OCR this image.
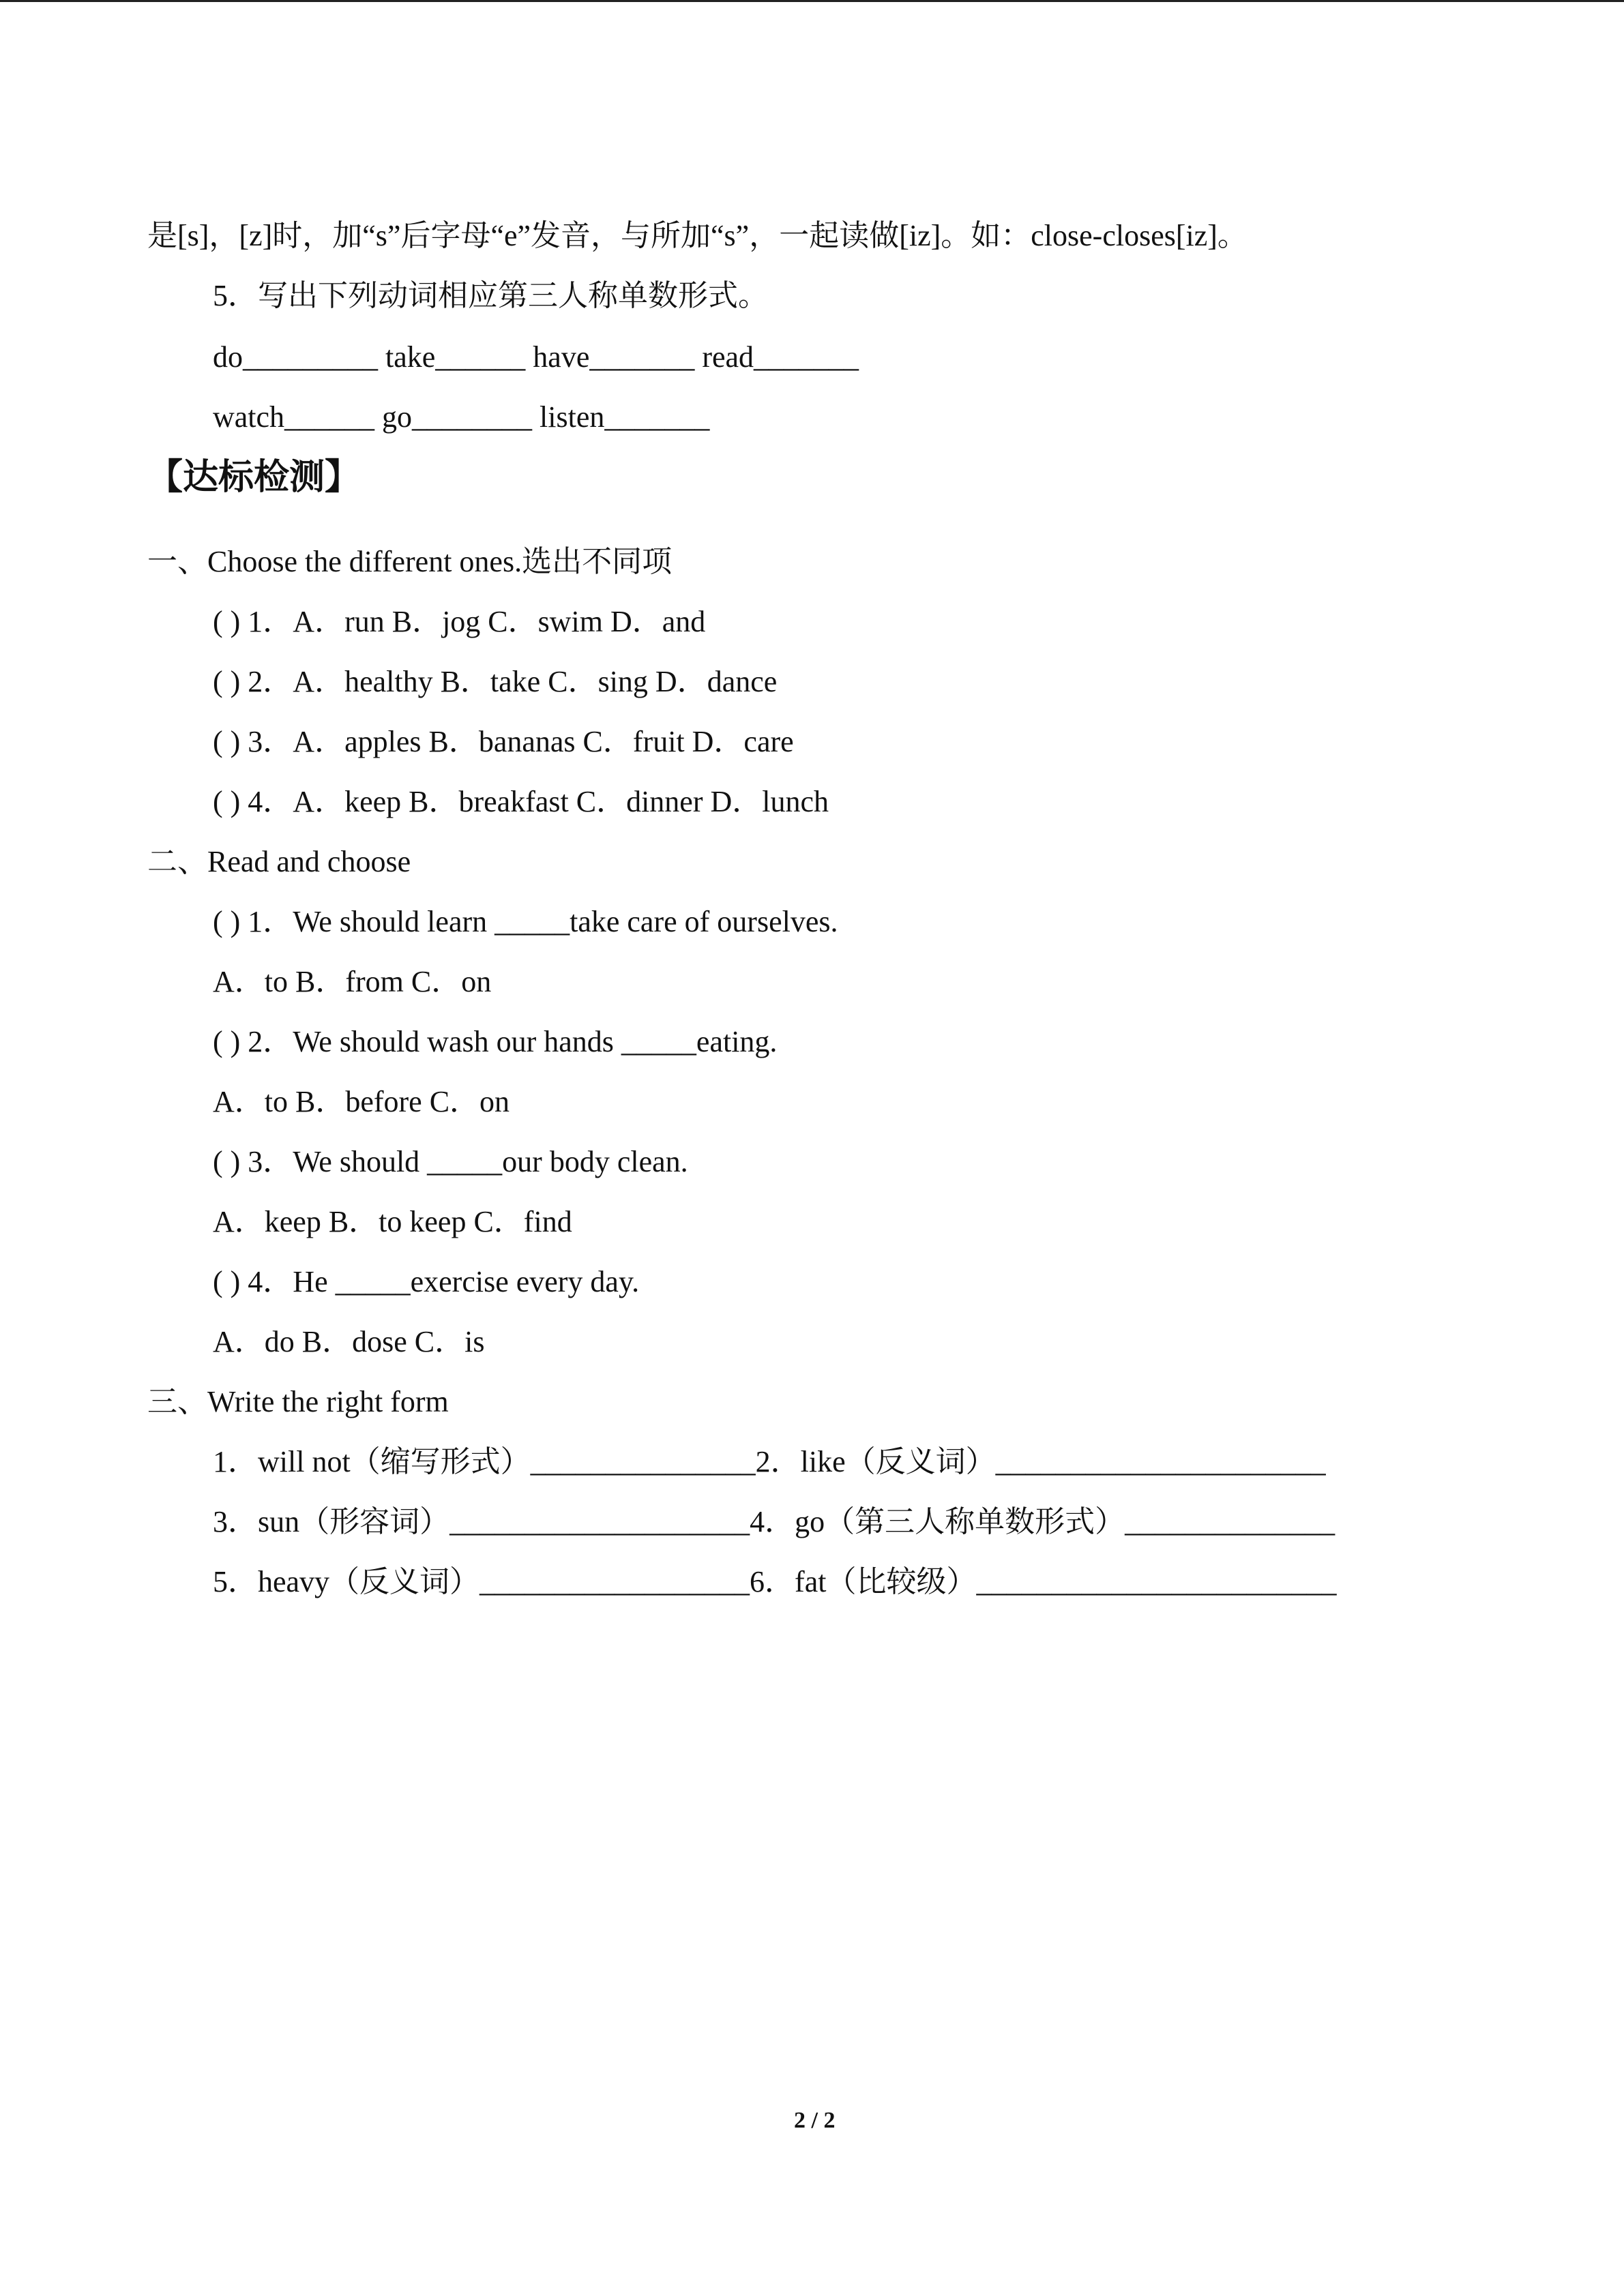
是[s]，[z]时，加“s”后字母“e”发音，与所加“s”，一起读做[iz]。如：close-closes[iz]。
5．写出下列动词相应第三人称单数形式。
do_________ take______ have_______ read_______
watch______ go________ listen_______
【达标检测】
一、Choose the different ones.选出不同项
( ) 1．A．run B．jog C．swim D．and
( ) 2．A．healthy B．take C．sing D．dance
( ) 3．A．apples B．bananas C．fruit D．care
( ) 4．A．keep B．breakfast C．dinner D．lunch
二、Read and choose
( ) 1．We should learn _____take care of ourselves.
A．to B．from C．on
( ) 2．We should wash our hands _____eating.
A．to B．before C．on
( ) 3．We should _____our body clean.
A．keep B．to keep C．find
( ) 4．He _____exercise every day.
A．do B．dose C．is
三、Write the right form
1．will not（缩写形式）_______________2．like（反义词）______________________
3．sun（形容词）____________________4．go（第三人称单数形式）______________
5．heavy（反义词）__________________6．fat（比较级）________________________
2 / 2
